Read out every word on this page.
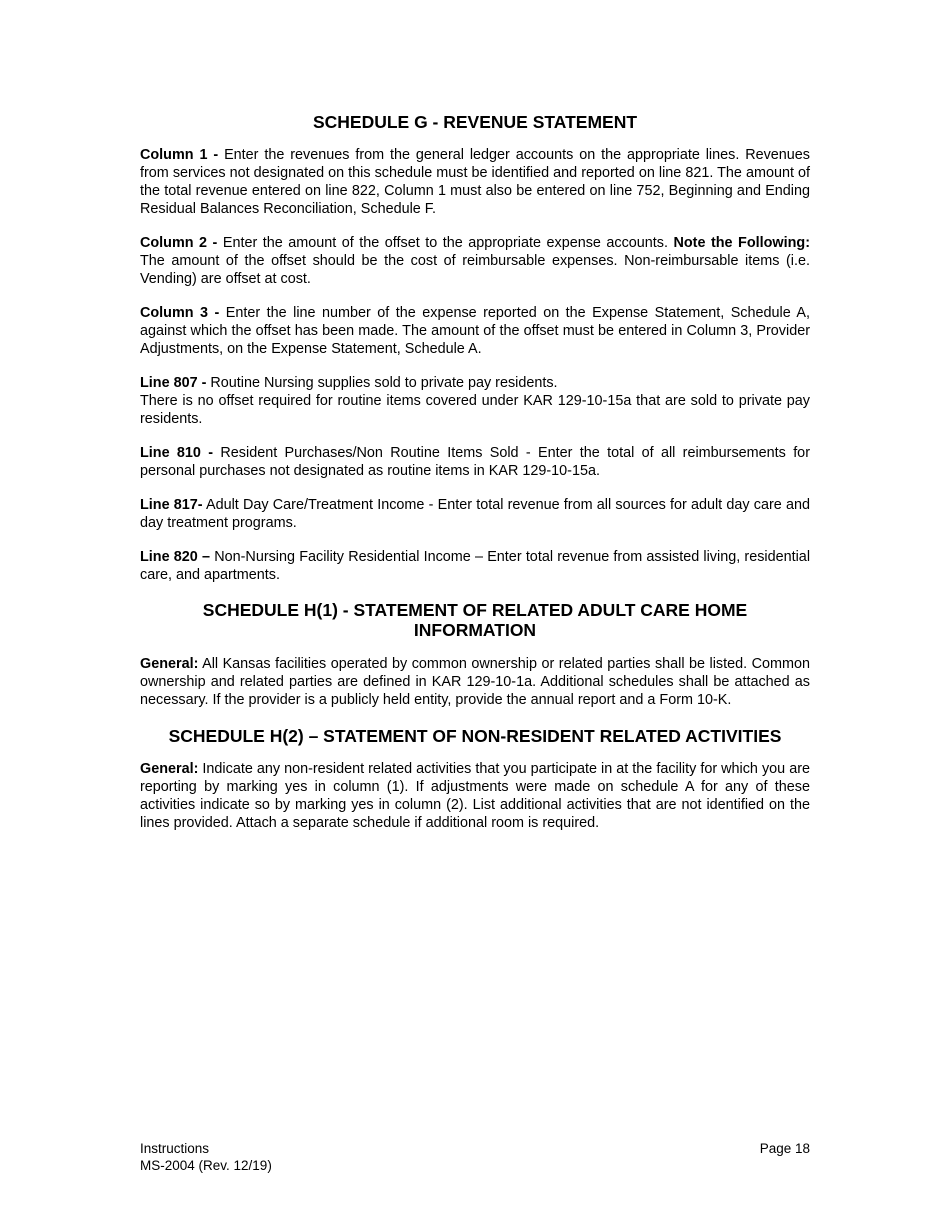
SCHEDULE G - REVENUE STATEMENT

Column 1 - Enter the revenues from the general ledger accounts on the appropriate lines. Revenues from services not designated on this schedule must be identified and reported on line 821. The amount of the total revenue entered on line 822, Column 1 must also be entered on line 752, Beginning and Ending Residual Balances Reconciliation, Schedule F.

Column 2 - Enter the amount of the offset to the appropriate expense accounts. Note the Following: The amount of the offset should be the cost of reimbursable expenses. Non-reimbursable items (i.e. Vending) are offset at cost.

Column 3 - Enter the line number of the expense reported on the Expense Statement, Schedule A, against which the offset has been made. The amount of the offset must be entered in Column 3, Provider Adjustments, on the Expense Statement, Schedule A.

Line 807 - Routine Nursing supplies sold to private pay residents.

There is no offset required for routine items covered under KAR 129-10-15a that are sold to private pay residents.

Line 810 - Resident Purchases/Non Routine Items Sold - Enter the total of all reimbursements for personal purchases not designated as routine items in KAR 129-10-15a.

Line 817- Adult Day Care/Treatment Income - Enter total revenue from all sources for adult day care and day treatment programs.

Line 820 – Non-Nursing Facility Residential Income – Enter total revenue from assisted living, residential care, and apartments.

SCHEDULE H(1) - STATEMENT OF RELATED ADULT CARE HOME
INFORMATION

General: All Kansas facilities operated by common ownership or related parties shall be listed. Common ownership and related parties are defined in KAR 129-10-1a. Additional schedules shall be attached as necessary. If the provider is a publicly held entity, provide the annual report and a Form 10-K.

SCHEDULE H(2) – STATEMENT OF NON-RESIDENT RELATED ACTIVITIES

General: Indicate any non-resident related activities that you participate in at the facility for which you are reporting by marking yes in column (1). If adjustments were made on schedule A for any of these activities indicate so by marking yes in column (2). List additional activities that are not identified on the lines provided. Attach a separate schedule if additional room is required.

Instructions
MS-2004 (Rev. 12/19)
Page 18
